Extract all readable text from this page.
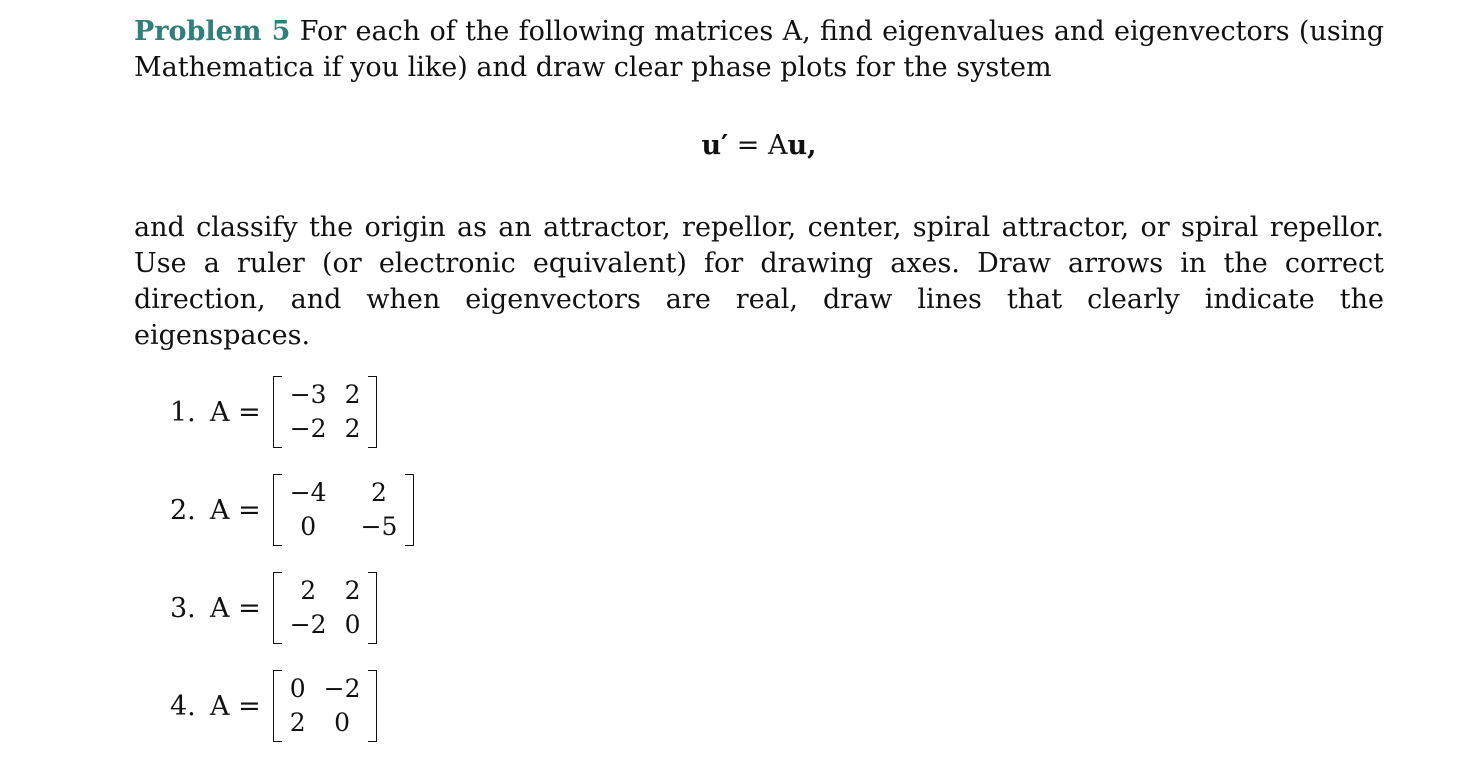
Problem 5 For each of the following matrices A, find eigenvalues and eigenvectors (using Mathematica if you like) and draw clear phase plots for the system

u′ = Au,

and classify the origin as an attractor, repellor, center, spiral attractor, or spiral repellor. Use a ruler (or electronic equivalent) for drawing axes. Draw arrows in the correct direction, and when eigenvectors are real, draw lines that clearly indicate the eigenspaces.

1. A =
−3 2
−2 2
2. A =
−4	2
0	−5
3. A =
2	2
−2 0
4. A =
0 −2
2	0
